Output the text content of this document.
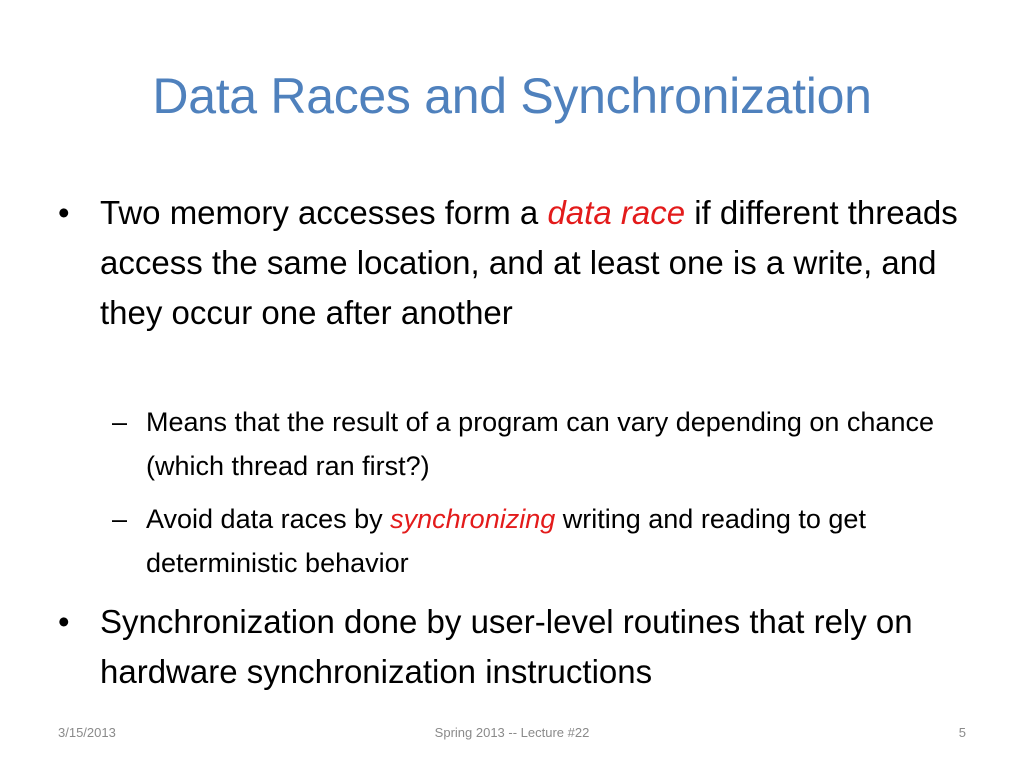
Data Races and Synchronization
• Two memory accesses form a data race if different threads access the same location, and at least one is a write, and they occur one after another
– Means that the result of a program can vary depending on chance (which thread ran first?)
– Avoid data races by synchronizing writing and reading to get deterministic behavior
• Synchronization done by user-level routines that rely on hardware synchronization instructions
3/15/2013	Spring 2013 -- Lecture #22	5
